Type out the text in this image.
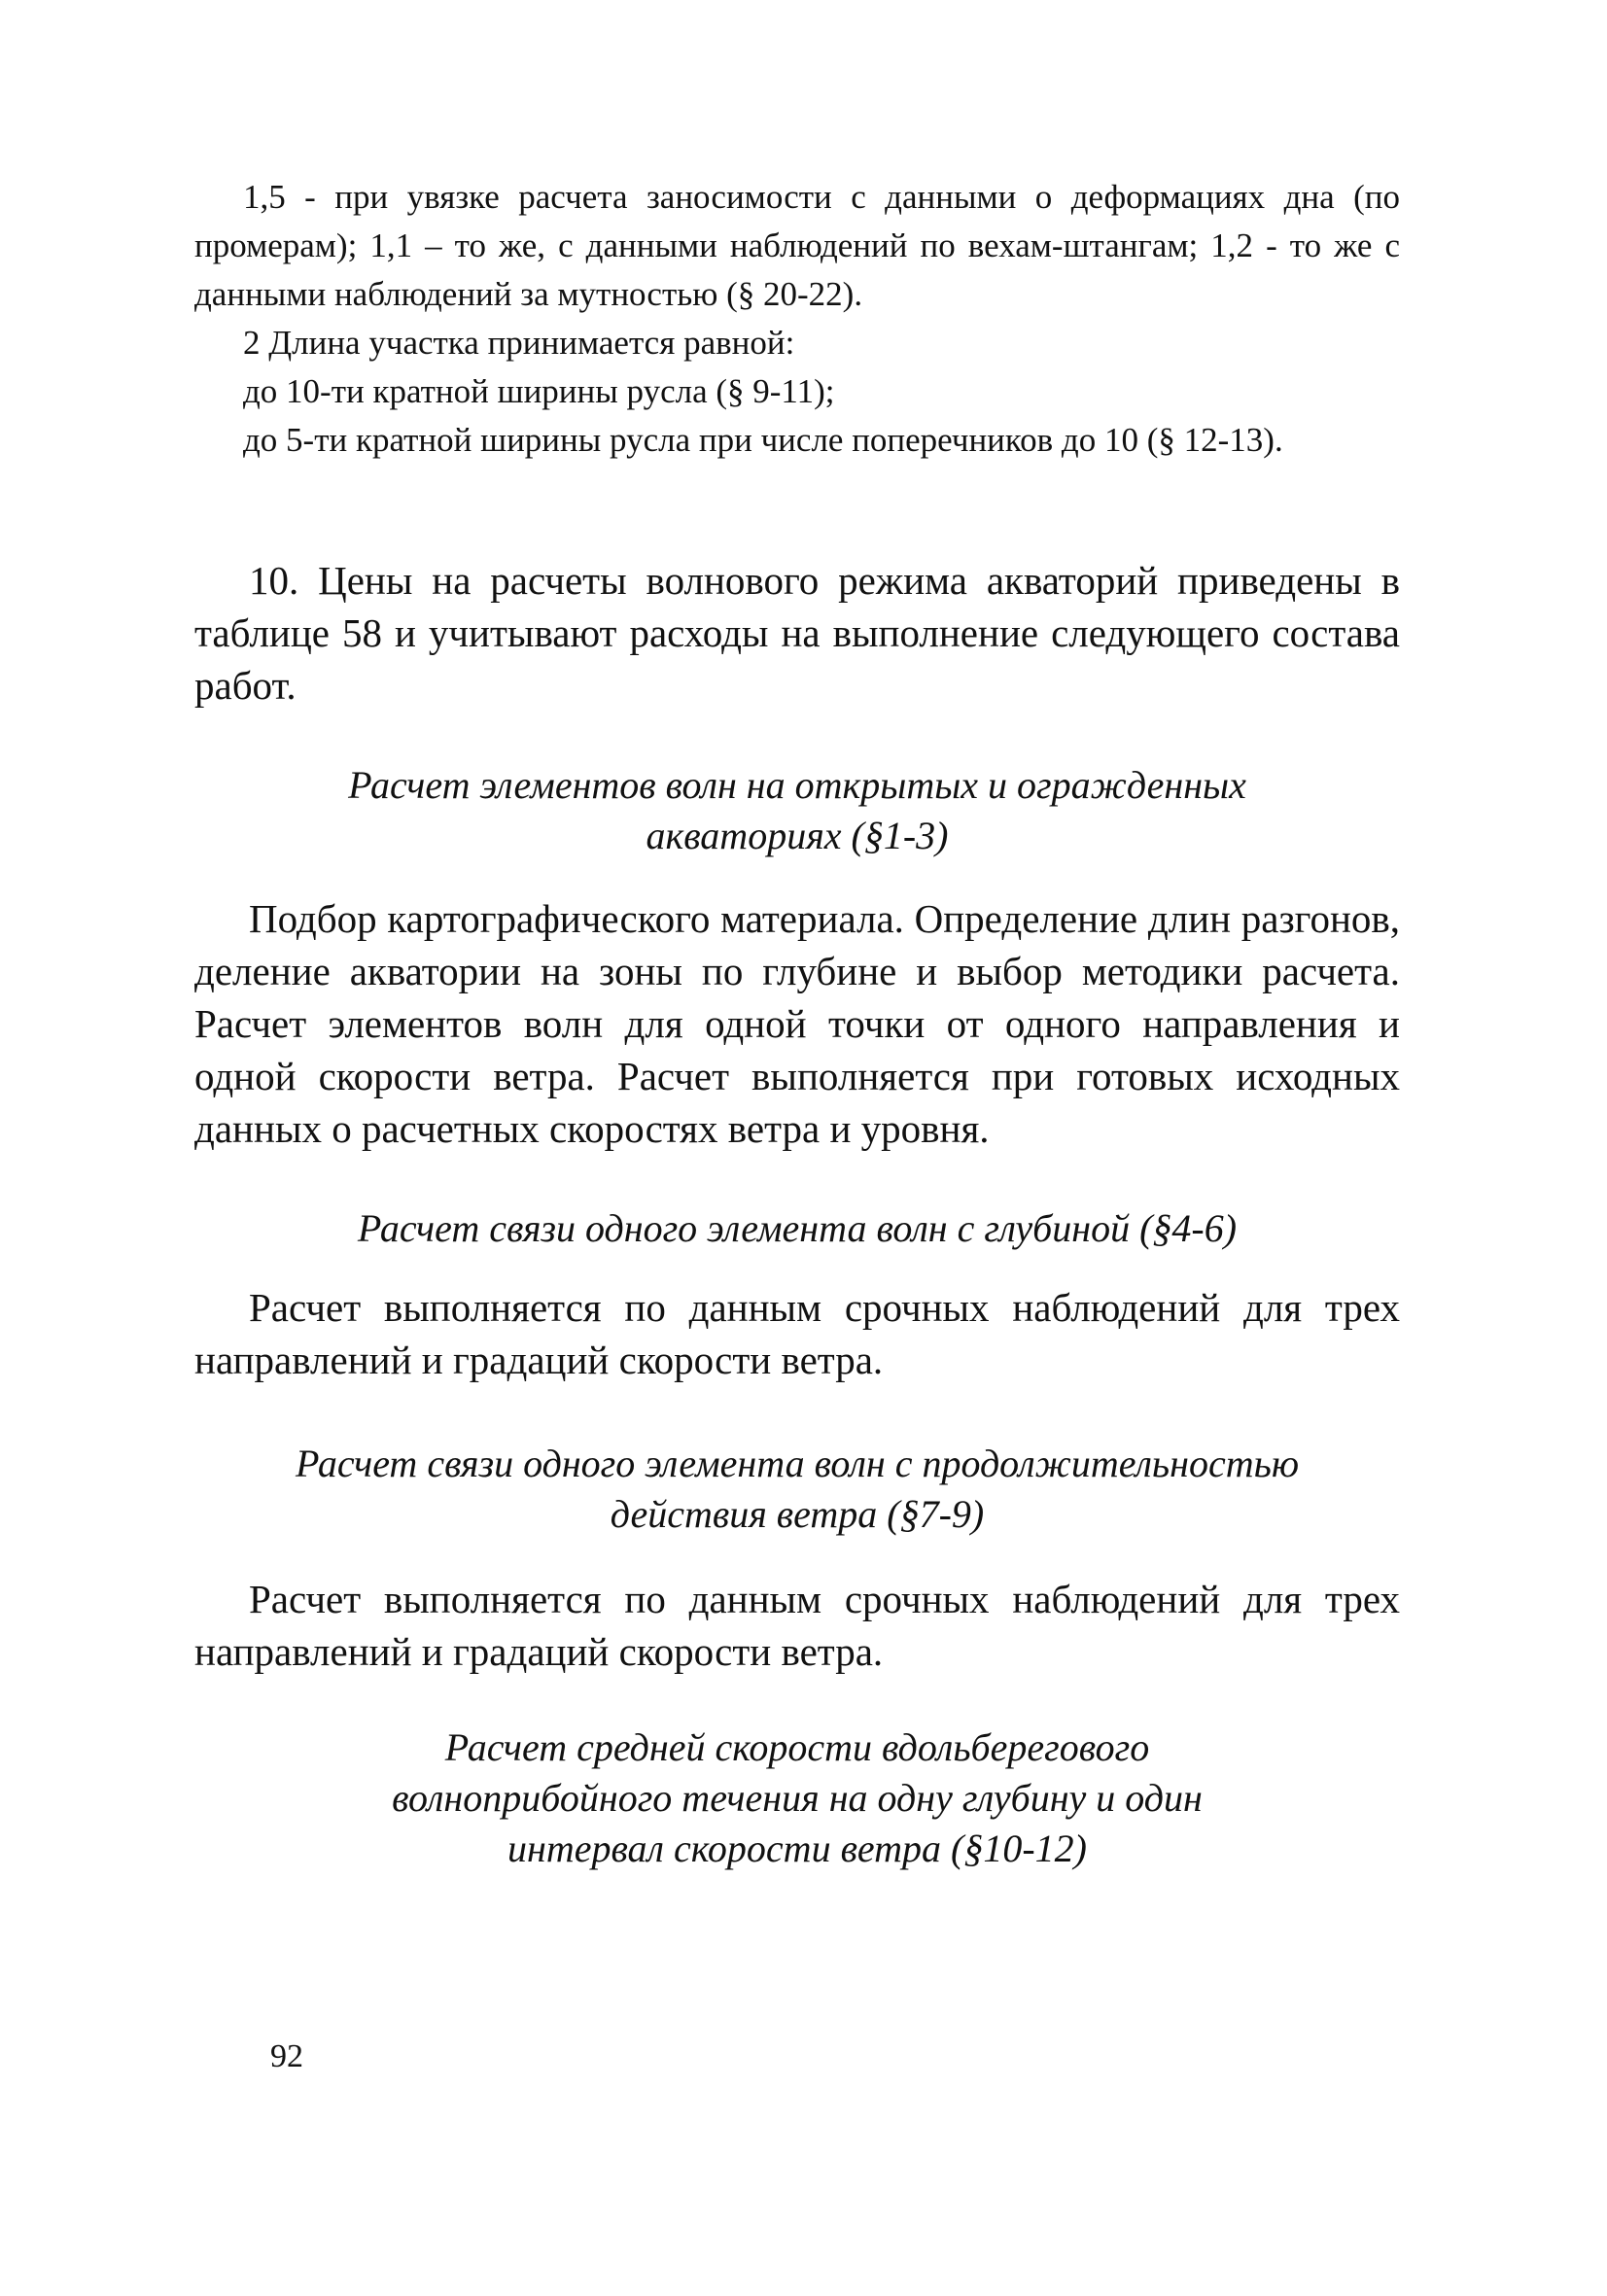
1,5 - при увязке расчета заносимости с данными о деформациях дна (по промерам); 1,1 – то же, с данными наблюдений по вехам-штангам; 1,2 - то же с данными наблюдений за мутностью (§ 20-22).

2 Длина участка принимается равной:

до 10-ти кратной ширины русла (§ 9-11);

до 5-ти кратной ширины русла при числе поперечников до 10 (§ 12-13).

10. Цены на расчеты волнового режима акваторий приведены в таблице 58 и учитывают расходы на выполнение следующего состава работ.

Расчет элементов волн на открытых и огражденных
акваториях (§1-3)

Подбор картографического материала. Определение длин разгонов, деление акватории на зоны по глубине и выбор методики расчета. Расчет элементов волн для одной точки от одного направления и одной скорости ветра. Расчет выполняется при готовых исходных данных о расчетных скоростях ветра и уровня.

Расчет связи одного элемента волн с глубиной (§4-6)

Расчет выполняется по данным срочных наблюдений для трех направлений и градаций скорости ветра.

Расчет связи одного элемента волн с продолжительностью
действия ветра (§7-9)

Расчет выполняется по данным срочных наблюдений для трех направлений и градаций скорости ветра.

Расчет средней скорости вдольберегового
волноприбойного течения на одну глубину и один
интервал скорости ветра (§10-12)
92
